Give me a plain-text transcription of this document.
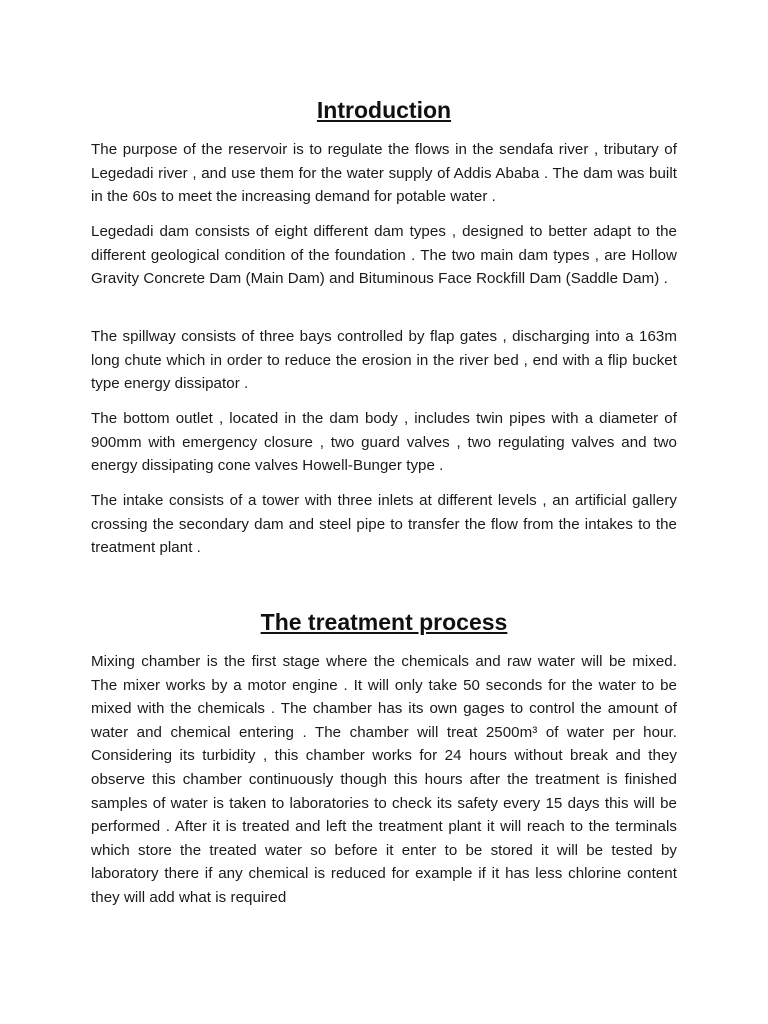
Introduction

The purpose of the reservoir is to regulate the flows in the sendafa river , tributary of Legedadi river , and use them for the water supply of Addis Ababa . The dam was built in the 60s to meet the increasing demand for potable water .

Legedadi dam consists of eight different dam types , designed to better adapt to the different geological condition of the foundation . The two main dam types , are Hollow Gravity Concrete Dam (Main Dam) and Bituminous Face Rockfill Dam (Saddle Dam) .

The spillway consists of three bays controlled by flap gates , discharging into a 163m long chute which in order to reduce the erosion in the river bed , end with a flip bucket type energy dissipator .

The bottom outlet , located in the dam body , includes twin pipes with a diameter of 900mm with emergency closure , two guard valves , two regulating valves and two energy dissipating cone valves Howell-Bunger type .

The intake consists of a tower with three inlets at different levels , an artificial gallery crossing the secondary dam and steel pipe to transfer the flow from the intakes to the treatment plant .

The treatment process

Mixing chamber is the first stage where the chemicals and raw water will be mixed. The mixer works by a motor engine . It will only take 50 seconds for the water to be mixed with the chemicals . The chamber has its own gages to control the amount of water and chemical entering . The chamber will treat 2500m³ of water per hour. Considering its turbidity , this chamber works for 24 hours without break and they observe this chamber continuously though this hours after the treatment is finished samples of water is taken to laboratories to check its safety every 15 days this will be performed . After it is treated and left the treatment plant it will reach to the terminals which store the treated water so before it enter to be stored it will be tested by laboratory there if any chemical is reduced for example if it has less chlorine content they will add what is required
